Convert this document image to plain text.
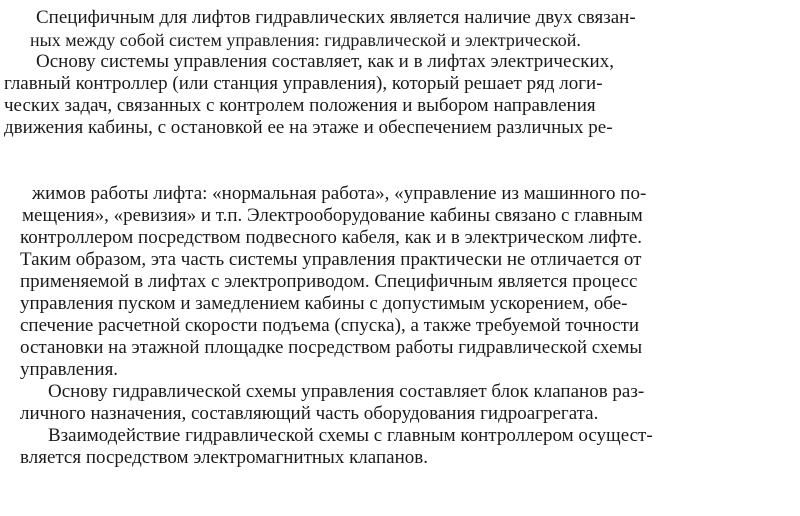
Специфичным для лифтов гидравлических является наличие двух связан-
ных между собой систем управления: гидравлической и электрической.
Основу системы управления составляет, как и в лифтах электрических,
главный контроллер (или станция управления), который решает ряд логи-
ческих задач, связанных с контролем положения и выбором направления
движения кабины, с остановкой ее на этаже и обеспечением различных ре-
жимов работы лифта: «нормальная работа», «управление из машинного по-
мещения», «ревизия» и т.п. Электрооборудование кабины связано с главным
контроллером посредством подвесного кабеля, как и в электрическом лифте.
Таким образом, эта часть системы управления практически не отличается от
применяемой в лифтах с электроприводом. Специфичным является процесс
управления пуском и замедлением кабины с допустимым ускорением, обе-
спечение расчетной скорости подъема (спуска), а также требуемой точности
остановки на этажной площадке посредством работы гидравлической схемы
управления.
Основу гидравлической схемы управления составляет блок клапанов раз-
личного назначения, составляющий часть оборудования гидроагрегата.
Взаимодействие гидравлической схемы с главным контроллером осущест-
вляется посредством электромагнитных клапанов.
